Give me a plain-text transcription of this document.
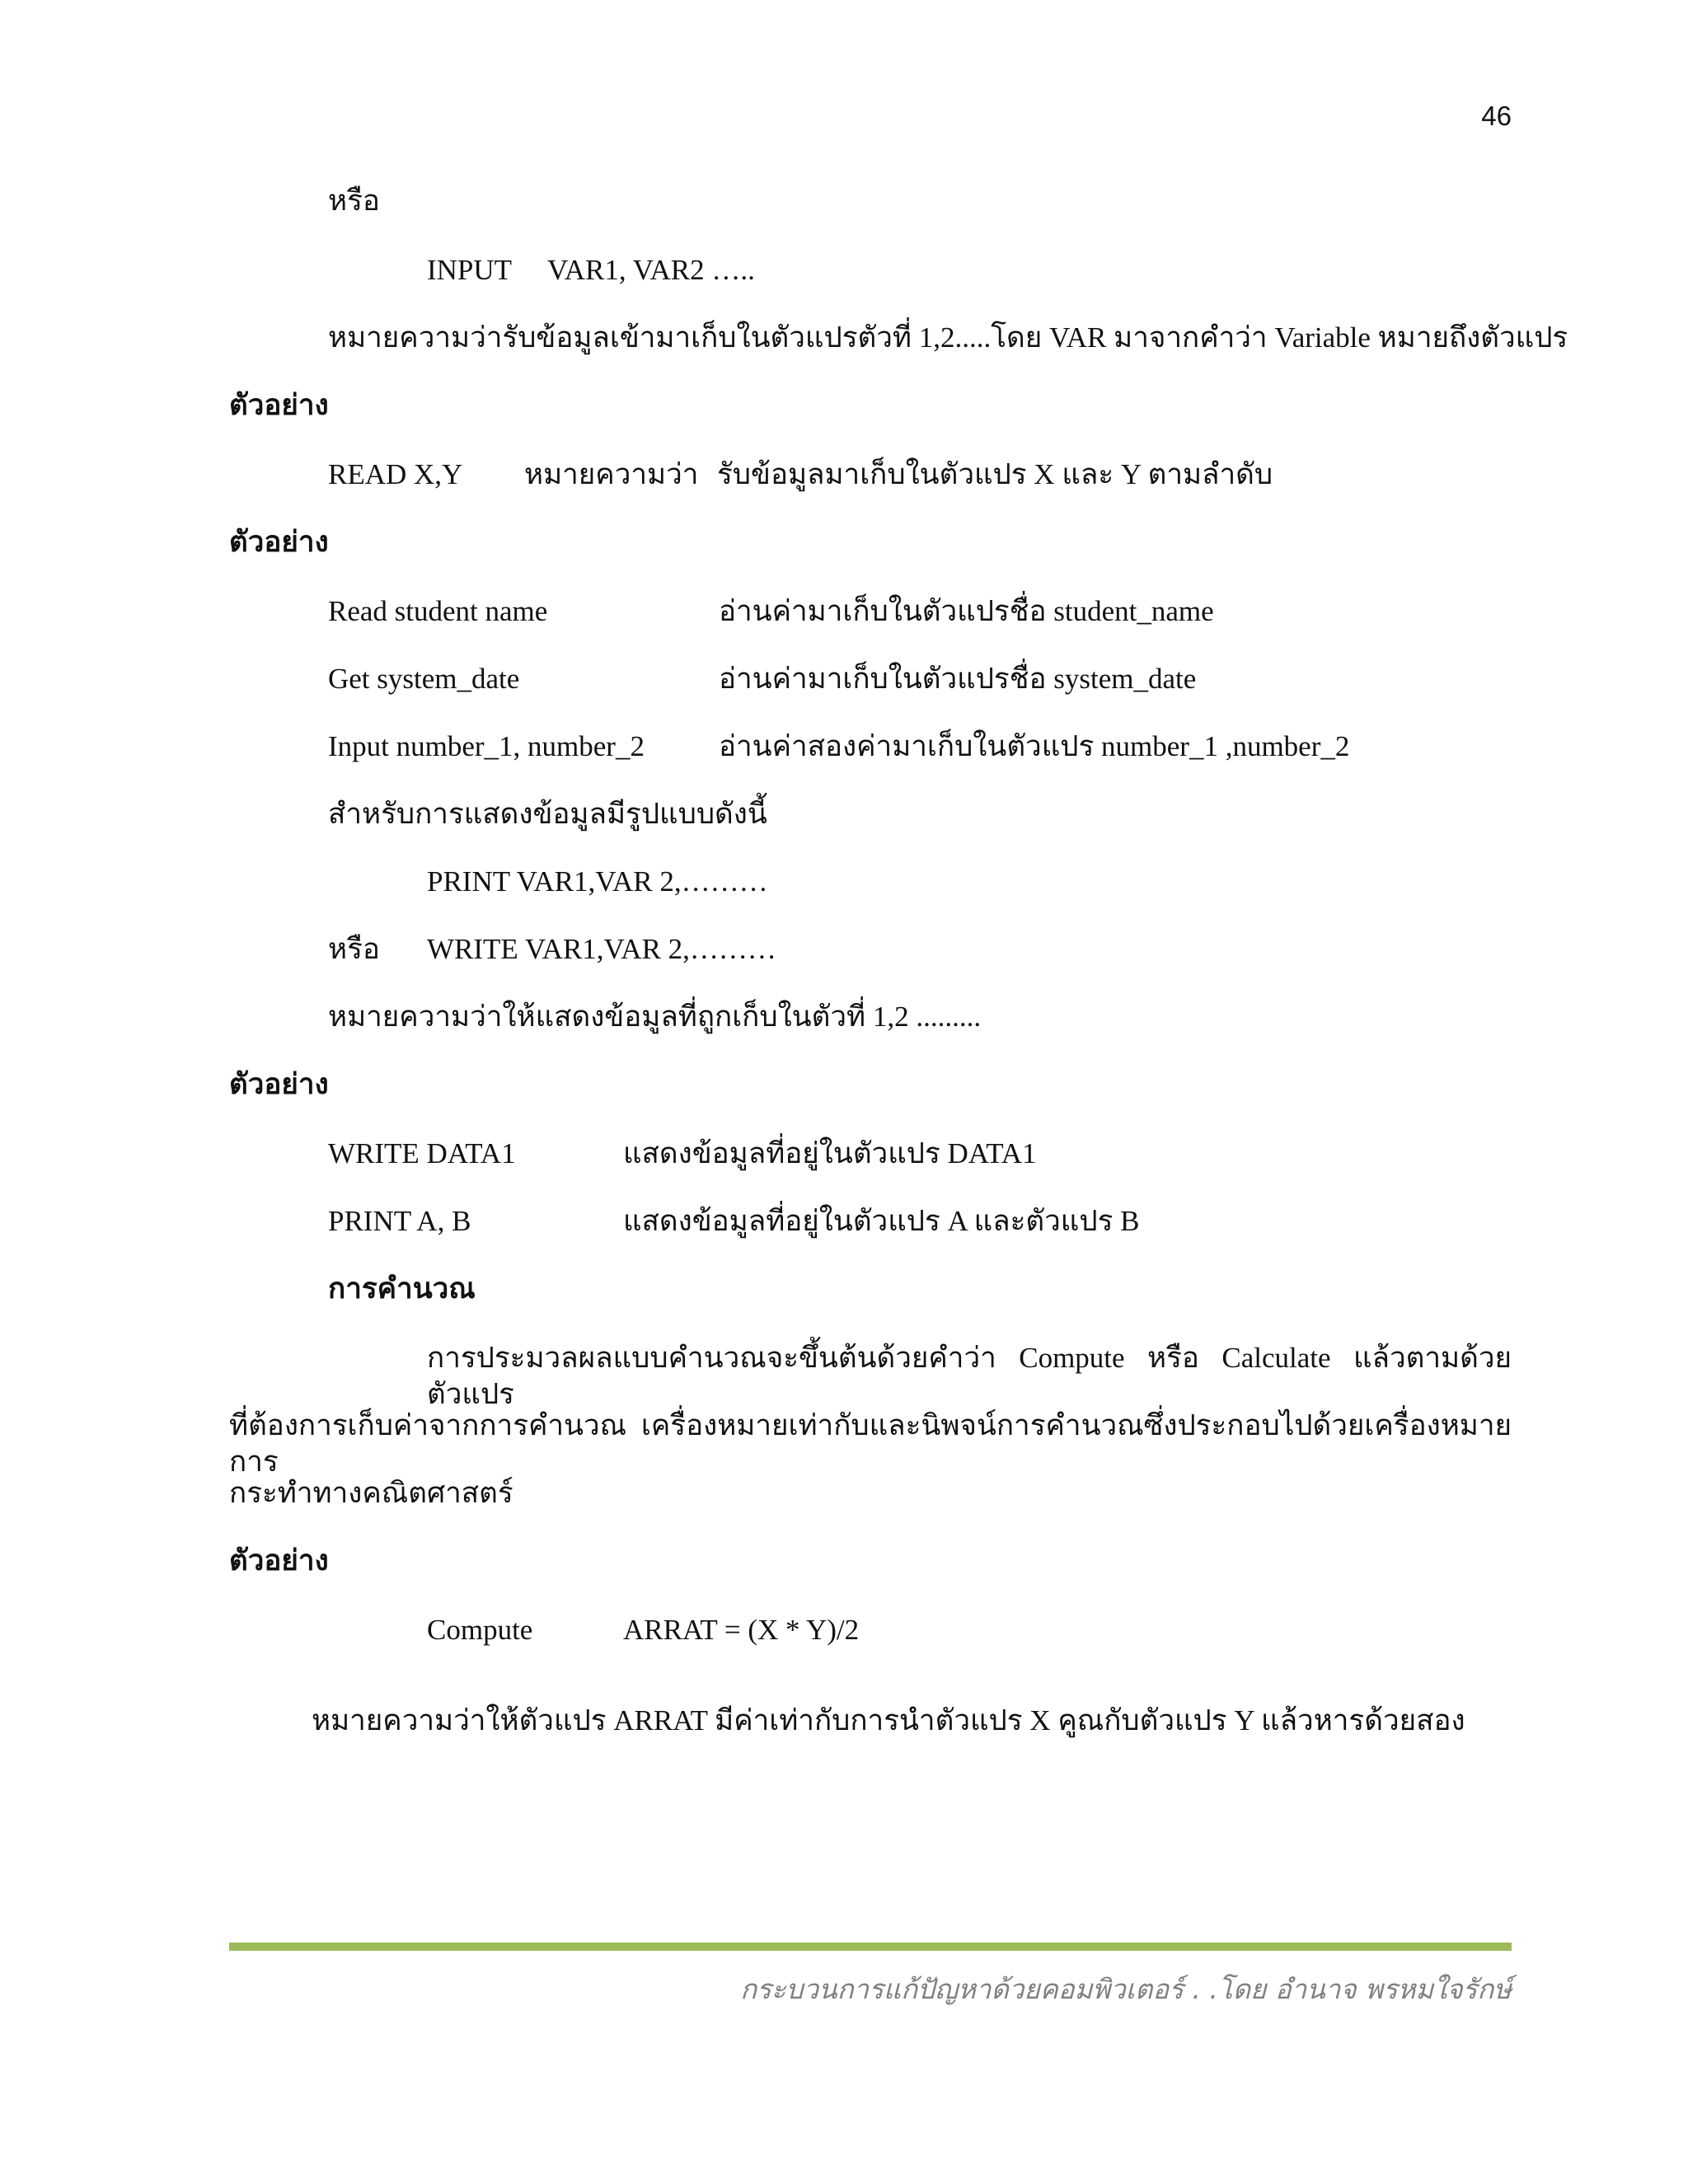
46
หรือ
INPUT VAR1, VAR2 …..
หมายความว่ารับข้อมูลเข้ามาเก็บในตัวแปรตัวที่ 1,2.....โดย VAR มาจากคำว่า Variable หมายถึงตัวแปร
ตัวอย่าง
READ X,Y หมายความว่า รับข้อมูลมาเก็บในตัวแปร X และ Y ตามลำดับ
ตัวอย่าง
Read student name	อ่านค่ามาเก็บในตัวแปรชื่อ student_name
Get system_date	อ่านค่ามาเก็บในตัวแปรชื่อ system_date
Input number_1, number_2	อ่านค่าสองค่ามาเก็บในตัวแปร number_1 ,number_2
สำหรับการแสดงข้อมูลมีรูปแบบดังนี้
PRINT VAR1,VAR 2,………
หรือ WRITE VAR1,VAR 2,………
หมายความว่าให้แสดงข้อมูลที่ถูกเก็บในตัวที่ 1,2 .........
ตัวอย่าง
WRITE DATA1	แสดงข้อมูลที่อยู่ในตัวแปร DATA1
PRINT A, B	แสดงข้อมูลที่อยู่ในตัวแปร A และตัวแปร B
การคำนวณ
การประมวลผลแบบคำนวณจะขึ้นต้นด้วยคำว่า Compute หรือ Calculate แล้วตามด้วยตัวแปร
ที่ต้องการเก็บค่าจากการคำนวณ เครื่องหมายเท่ากับและนิพจน์การคำนวณซึ่งประกอบไปด้วยเครื่องหมายการ
กระทำทางคณิตศาสตร์
ตัวอย่าง
Compute	ARRAT = (X * Y)/2
หมายความว่าให้ตัวแปร ARRAT มีค่าเท่ากับการนำตัวแปร X คูณกับตัวแปร Y แล้วหารด้วยสอง
กระบวนการแก้ปัญหาด้วยคอมพิวเตอร์ . .โดย อำนาจ พรหมใจรักษ์
